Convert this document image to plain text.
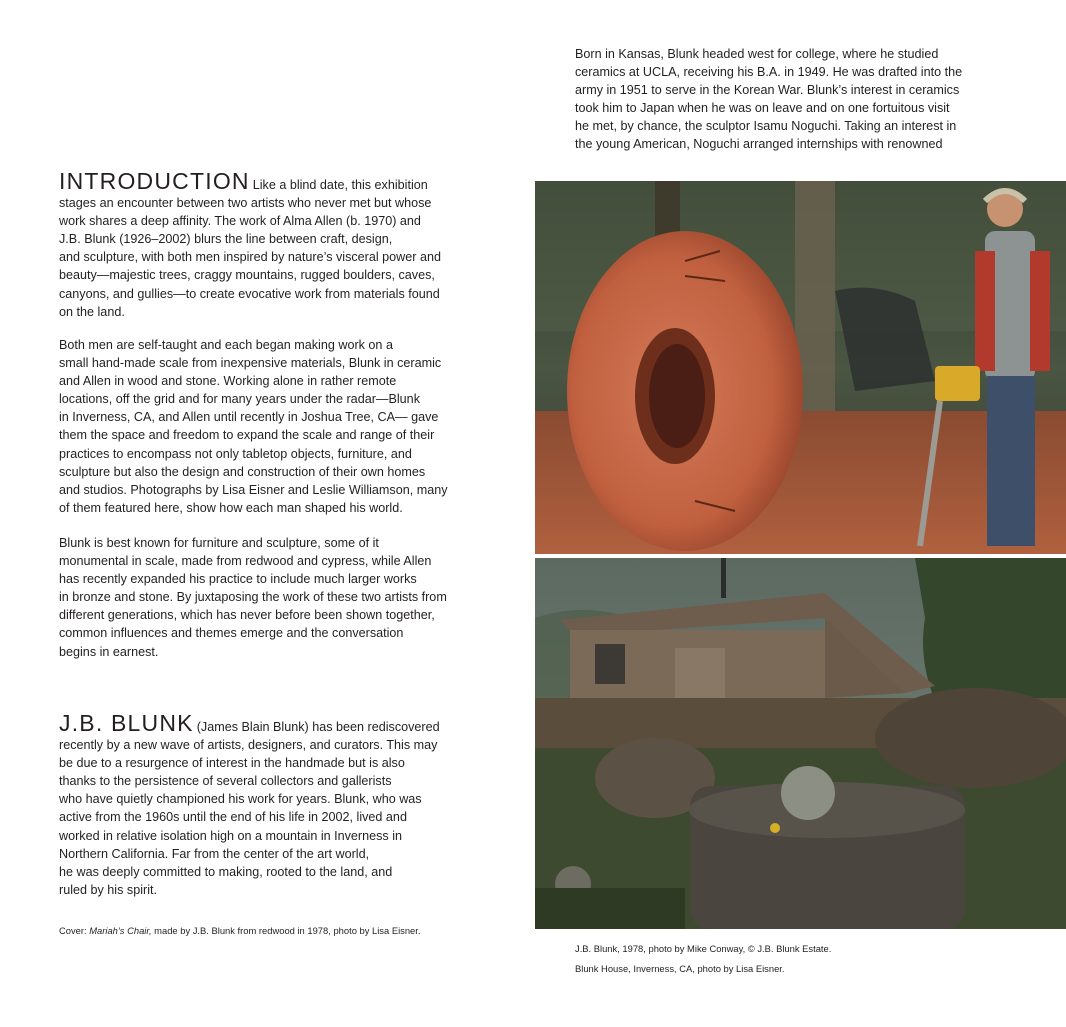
Born in Kansas, Blunk headed west for college, where he studied
ceramics at UCLA, receiving his B.A. in 1949. He was drafted into the
army in 1951 to serve in the Korean War. Blunk’s interest in ceramics
took him to Japan when he was on leave and on one fortuitous visit
he met, by chance, the sculptor Isamu Noguchi. Taking an interest in
the young American, Noguchi arranged internships with renowned

INTRODUCTION Like a blind date, this exhibition
stages an encounter between two artists who never met but whose
work shares a deep affinity. The work of Alma Allen (b. 1970) and
J.B. Blunk (1926–2002) blurs the line between craft, design,
and sculpture, with both men inspired by nature’s visceral power and
beauty—majestic trees, craggy mountains, rugged boulders, caves,
canyons, and gullies—to create evocative work from materials found
on the land.

Both men are self-taught and each began making work on a
small hand-made scale from inexpensive materials, Blunk in ceramic
and Allen in wood and stone. Working alone in rather remote
locations, off the grid and for many years under the radar—Blunk
in Inverness, CA, and Allen until recently in Joshua Tree, CA— gave
them the space and freedom to expand the scale and range of their
practices to encompass not only tabletop objects, furniture, and
sculpture but also the design and construction of their own homes
and studios. Photographs by Lisa Eisner and Leslie Williamson, many
of them featured here, show how each man shaped his world.

Blunk is best known for furniture and sculpture, some of it
monumental in scale, made from redwood and cypress, while Allen
has recently expanded his practice to include much larger works
in bronze and stone. By juxtaposing the work of these two artists from
different generations, which has never before been shown together,
common influences and themes emerge and the conversation
begins in earnest.

J.B. BLUNK (James Blain Blunk) has been rediscovered
recently by a new wave of artists, designers, and curators. This may
be due to a resurgence of interest in the handmade but is also
thanks to the persistence of several collectors and gallerists
who have quietly championed his work for years. Blunk, who was
active from the 1960s until the end of his life in 2002, lived and
worked in relative isolation high on a mountain in Inverness in
Northern California. Far from the center of the art world,
he was deeply committed to making, rooted to the land, and
ruled by his spirit.

Cover: Mariah’s Chair, made by J.B. Blunk from redwood in 1978, photo by Lisa Eisner.

J.B. Blunk, 1978, photo by Mike Conway, © J.B. Blunk Estate.

Blunk House, Inverness, CA, photo by Lisa Eisner.
